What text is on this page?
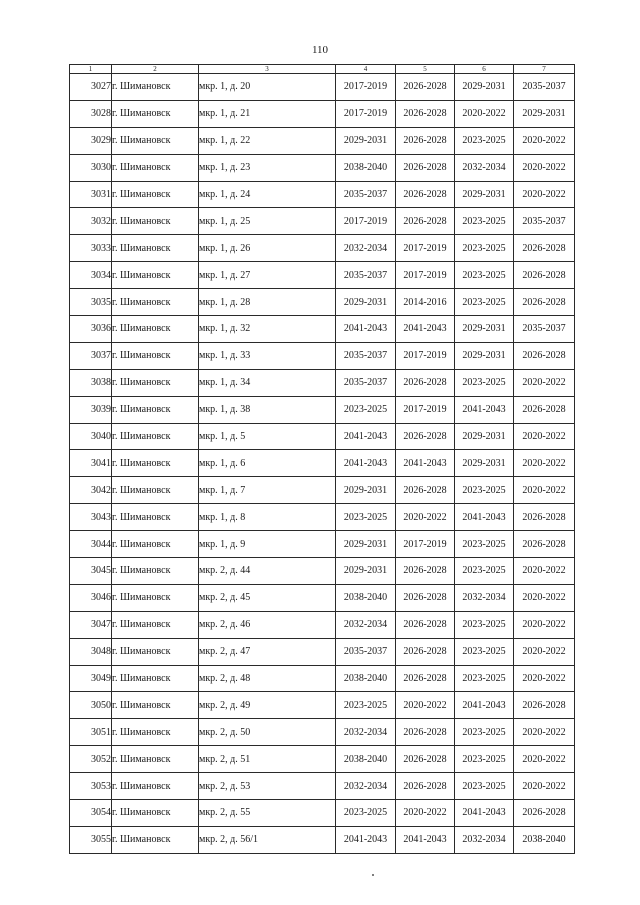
110
1	2	3	4	5	6	7
3027	г. Шимановск	мкр. 1, д. 20	2017-2019	2026-2028	2029-2031	2035-2037
3028	г. Шимановск	мкр. 1, д. 21	2017-2019	2026-2028	2020-2022	2029-2031
3029	г. Шимановск	мкр. 1, д. 22	2029-2031	2026-2028	2023-2025	2020-2022
3030	г. Шимановск	мкр. 1, д. 23	2038-2040	2026-2028	2032-2034	2020-2022
3031	г. Шимановск	мкр. 1, д. 24	2035-2037	2026-2028	2029-2031	2020-2022
3032	г. Шимановск	мкр. 1, д. 25	2017-2019	2026-2028	2023-2025	2035-2037
3033	г. Шимановск	мкр. 1, д. 26	2032-2034	2017-2019	2023-2025	2026-2028
3034	г. Шимановск	мкр. 1, д. 27	2035-2037	2017-2019	2023-2025	2026-2028
3035	г. Шимановск	мкр. 1, д. 28	2029-2031	2014-2016	2023-2025	2026-2028
3036	г. Шимановск	мкр. 1, д. 32	2041-2043	2041-2043	2029-2031	2035-2037
3037	г. Шимановск	мкр. 1, д. 33	2035-2037	2017-2019	2029-2031	2026-2028
3038	г. Шимановск	мкр. 1, д. 34	2035-2037	2026-2028	2023-2025	2020-2022
3039	г. Шимановск	мкр. 1, д. 38	2023-2025	2017-2019	2041-2043	2026-2028
3040	г. Шимановск	мкр. 1, д. 5	2041-2043	2026-2028	2029-2031	2020-2022
3041	г. Шимановск	мкр. 1, д. 6	2041-2043	2041-2043	2029-2031	2020-2022
3042	г. Шимановск	мкр. 1, д. 7	2029-2031	2026-2028	2023-2025	2020-2022
3043	г. Шимановск	мкр. 1, д. 8	2023-2025	2020-2022	2041-2043	2026-2028
3044	г. Шимановск	мкр. 1, д. 9	2029-2031	2017-2019	2023-2025	2026-2028
3045	г. Шимановск	мкр. 2, д. 44	2029-2031	2026-2028	2023-2025	2020-2022
3046	г. Шимановск	мкр. 2, д. 45	2038-2040	2026-2028	2032-2034	2020-2022
3047	г. Шимановск	мкр. 2, д. 46	2032-2034	2026-2028	2023-2025	2020-2022
3048	г. Шимановск	мкр. 2, д. 47	2035-2037	2026-2028	2023-2025	2020-2022
3049	г. Шимановск	мкр. 2, д. 48	2038-2040	2026-2028	2023-2025	2020-2022
3050	г. Шимановск	мкр. 2, д. 49	2023-2025	2020-2022	2041-2043	2026-2028
3051	г. Шимановск	мкр. 2, д. 50	2032-2034	2026-2028	2023-2025	2020-2022
3052	г. Шимановск	мкр. 2, д. 51	2038-2040	2026-2028	2023-2025	2020-2022
3053	г. Шимановск	мкр. 2, д. 53	2032-2034	2026-2028	2023-2025	2020-2022
3054	г. Шимановск	мкр. 2, д. 55	2023-2025	2020-2022	2041-2043	2026-2028
3055	г. Шимановск	мкр. 2, д. 56/1	2041-2043	2041-2043	2032-2034	2038-2040
